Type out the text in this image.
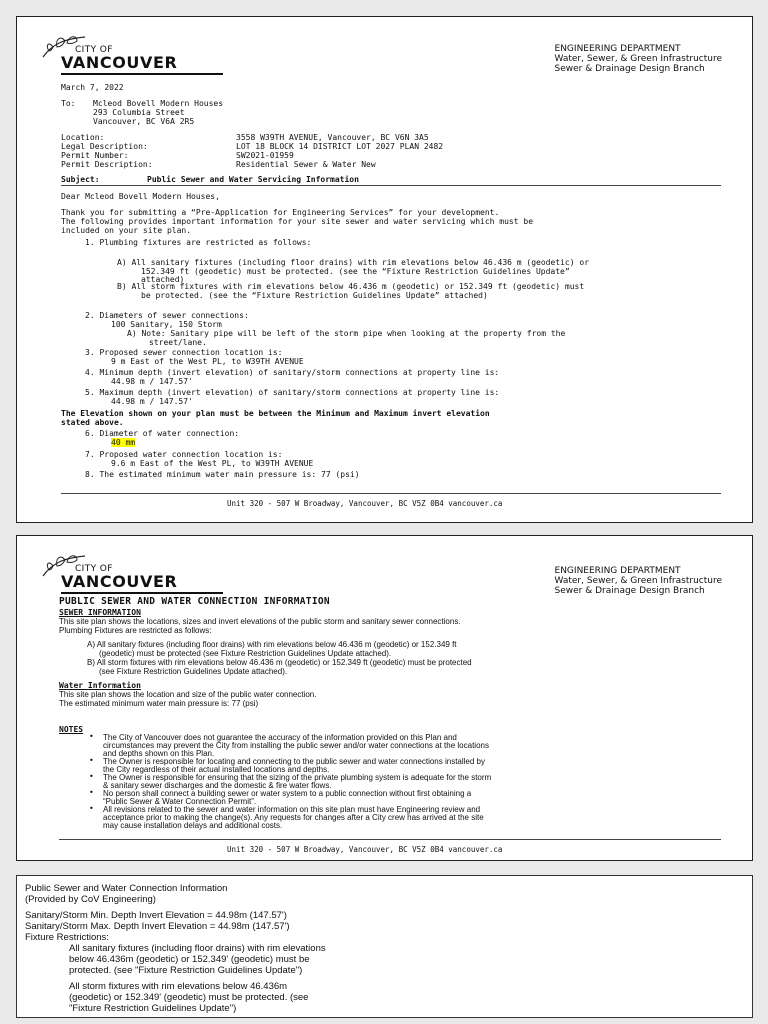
CITY OF
VANCOUVER
ENGINEERING DEPARTMENT
Water, Sewer, & Green Infrastructure
Sewer & Drainage Design Branch
March 7, 2022
To: Mcleod Bovell Modern Houses
293 Columbia Street
Vancouver, BC V6A 2R5
Location:	3558 W39TH AVENUE, Vancouver, BC V6N 3A5
Legal Description:	LOT 18 BLOCK 14 DISTRICT LOT 2027 PLAN 2482
Permit Number:	SW2021-01959
Permit Description:	Residential Sewer & Water New
Subject:	Public Sewer and Water Servicing Information
Dear Mcleod Bovell Modern Houses,
Thank you for submitting a “Pre-Application for Engineering Services” for your development.
The following provides important information for your site sewer and water servicing which must be
included on your site plan.
1. Plumbing fixtures are restricted as follows:
A) All sanitary fixtures (including floor drains) with rim elevations below 46.436 m (geodetic) or
152.349 ft (geodetic) must be protected. (see the “Fixture Restriction Guidelines Update”
attached)
B) All storm fixtures with rim elevations below 46.436 m (geodetic) or 152.349 ft (geodetic) must
be protected. (see the “Fixture Restriction Guidelines Update” attached)
2. Diameters of sewer connections:
100 Sanitary, 150 Storm
A) Note: Sanitary pipe will be left of the storm pipe when looking at the property from the
street/lane.
3. Proposed sewer connection location is:
9 m East of the West PL, to W39TH AVENUE
4. Minimum depth (invert elevation) of sanitary/storm connections at property line is:
44.98 m / 147.57'
5. Maximum depth (invert elevation) of sanitary/storm connections at property line is:
44.98 m / 147.57'
The Elevation shown on your plan must be between the Minimum and Maximum invert elevation
stated above.
6. Diameter of water connection:
40 mm
7. Proposed water connection location is:
9.6 m East of the West PL, to W39TH AVENUE
8. The estimated minimum water main pressure is: 77 (psi)
Unit 320 - 507 W Broadway, Vancouver, BC V5Z 0B4 vancouver.ca
CITY OF
VANCOUVER
ENGINEERING DEPARTMENT
Water, Sewer, & Green Infrastructure
Sewer & Drainage Design Branch
PUBLIC SEWER AND WATER CONNECTION INFORMATION
SEWER INFORMATION
This site plan shows the locations, sizes and invert elevations of the public storm and sanitary sewer connections.
Plumbing Fixtures are restricted as follows:
A) All sanitary fixtures (including floor drains) with rim elevations below 46.436 m (geodetic) or 152.349 ft
(geodetic) must be protected (see Fixture Restriction Guidelines Update attached).
B) All storm fixtures with rim elevations below 46.436 m (geodetic) or 152.349 ft (geodetic) must be protected
(see Fixture Restriction Guidelines Update attached).
Water Information
This site plan shows the location and size of the public water connection.
The estimated minimum water main pressure is: 77 (psi)
NOTES
• The City of Vancouver does not guarantee the accuracy of the information provided on this Plan and
circumstances may prevent the City from installing the public sewer and/or water connections at the locations
and depths shown on this Plan.
• The Owner is responsible for locating and connecting to the public sewer and water connections installed by
the City regardless of their actual installed locations and depths.
• The Owner is responsible for ensuring that the sizing of the private plumbing system is adequate for the storm
& sanitary sewer discharges and the domestic & fire water flows.
• No person shall connect a building sewer or water system to a public connection without first obtaining a
“Public Sewer & Water Connection Permit”.
• All revisions related to the sewer and water information on this site plan must have Engineering review and
acceptance prior to making the change(s). Any requests for changes after a City crew has arrived at the site
may cause installation delays and additional costs.
Unit 320 - 507 W Broadway, Vancouver, BC V5Z 0B4 vancouver.ca
Public Sewer and Water Connection Information
(Provided by CoV Engineering)
Sanitary/Storm Min. Depth Invert Elevation = 44.98m (147.57')
Sanitary/Storm Max. Depth Invert Elevation = 44.98m (147.57')
Fixture Restrictions:
All sanitary fixtures (including floor drains) with rim elevations
below 46.436m (geodetic) or 152.349' (geodetic) must be
protected. (see "Fixture Restriction Guidelines Update")
All storm fixtures with rim elevations below 46.436m
(geodetic) or 152.349' (geodetic) must be protected. (see
"Fixture Restriction Guidelines Update")
